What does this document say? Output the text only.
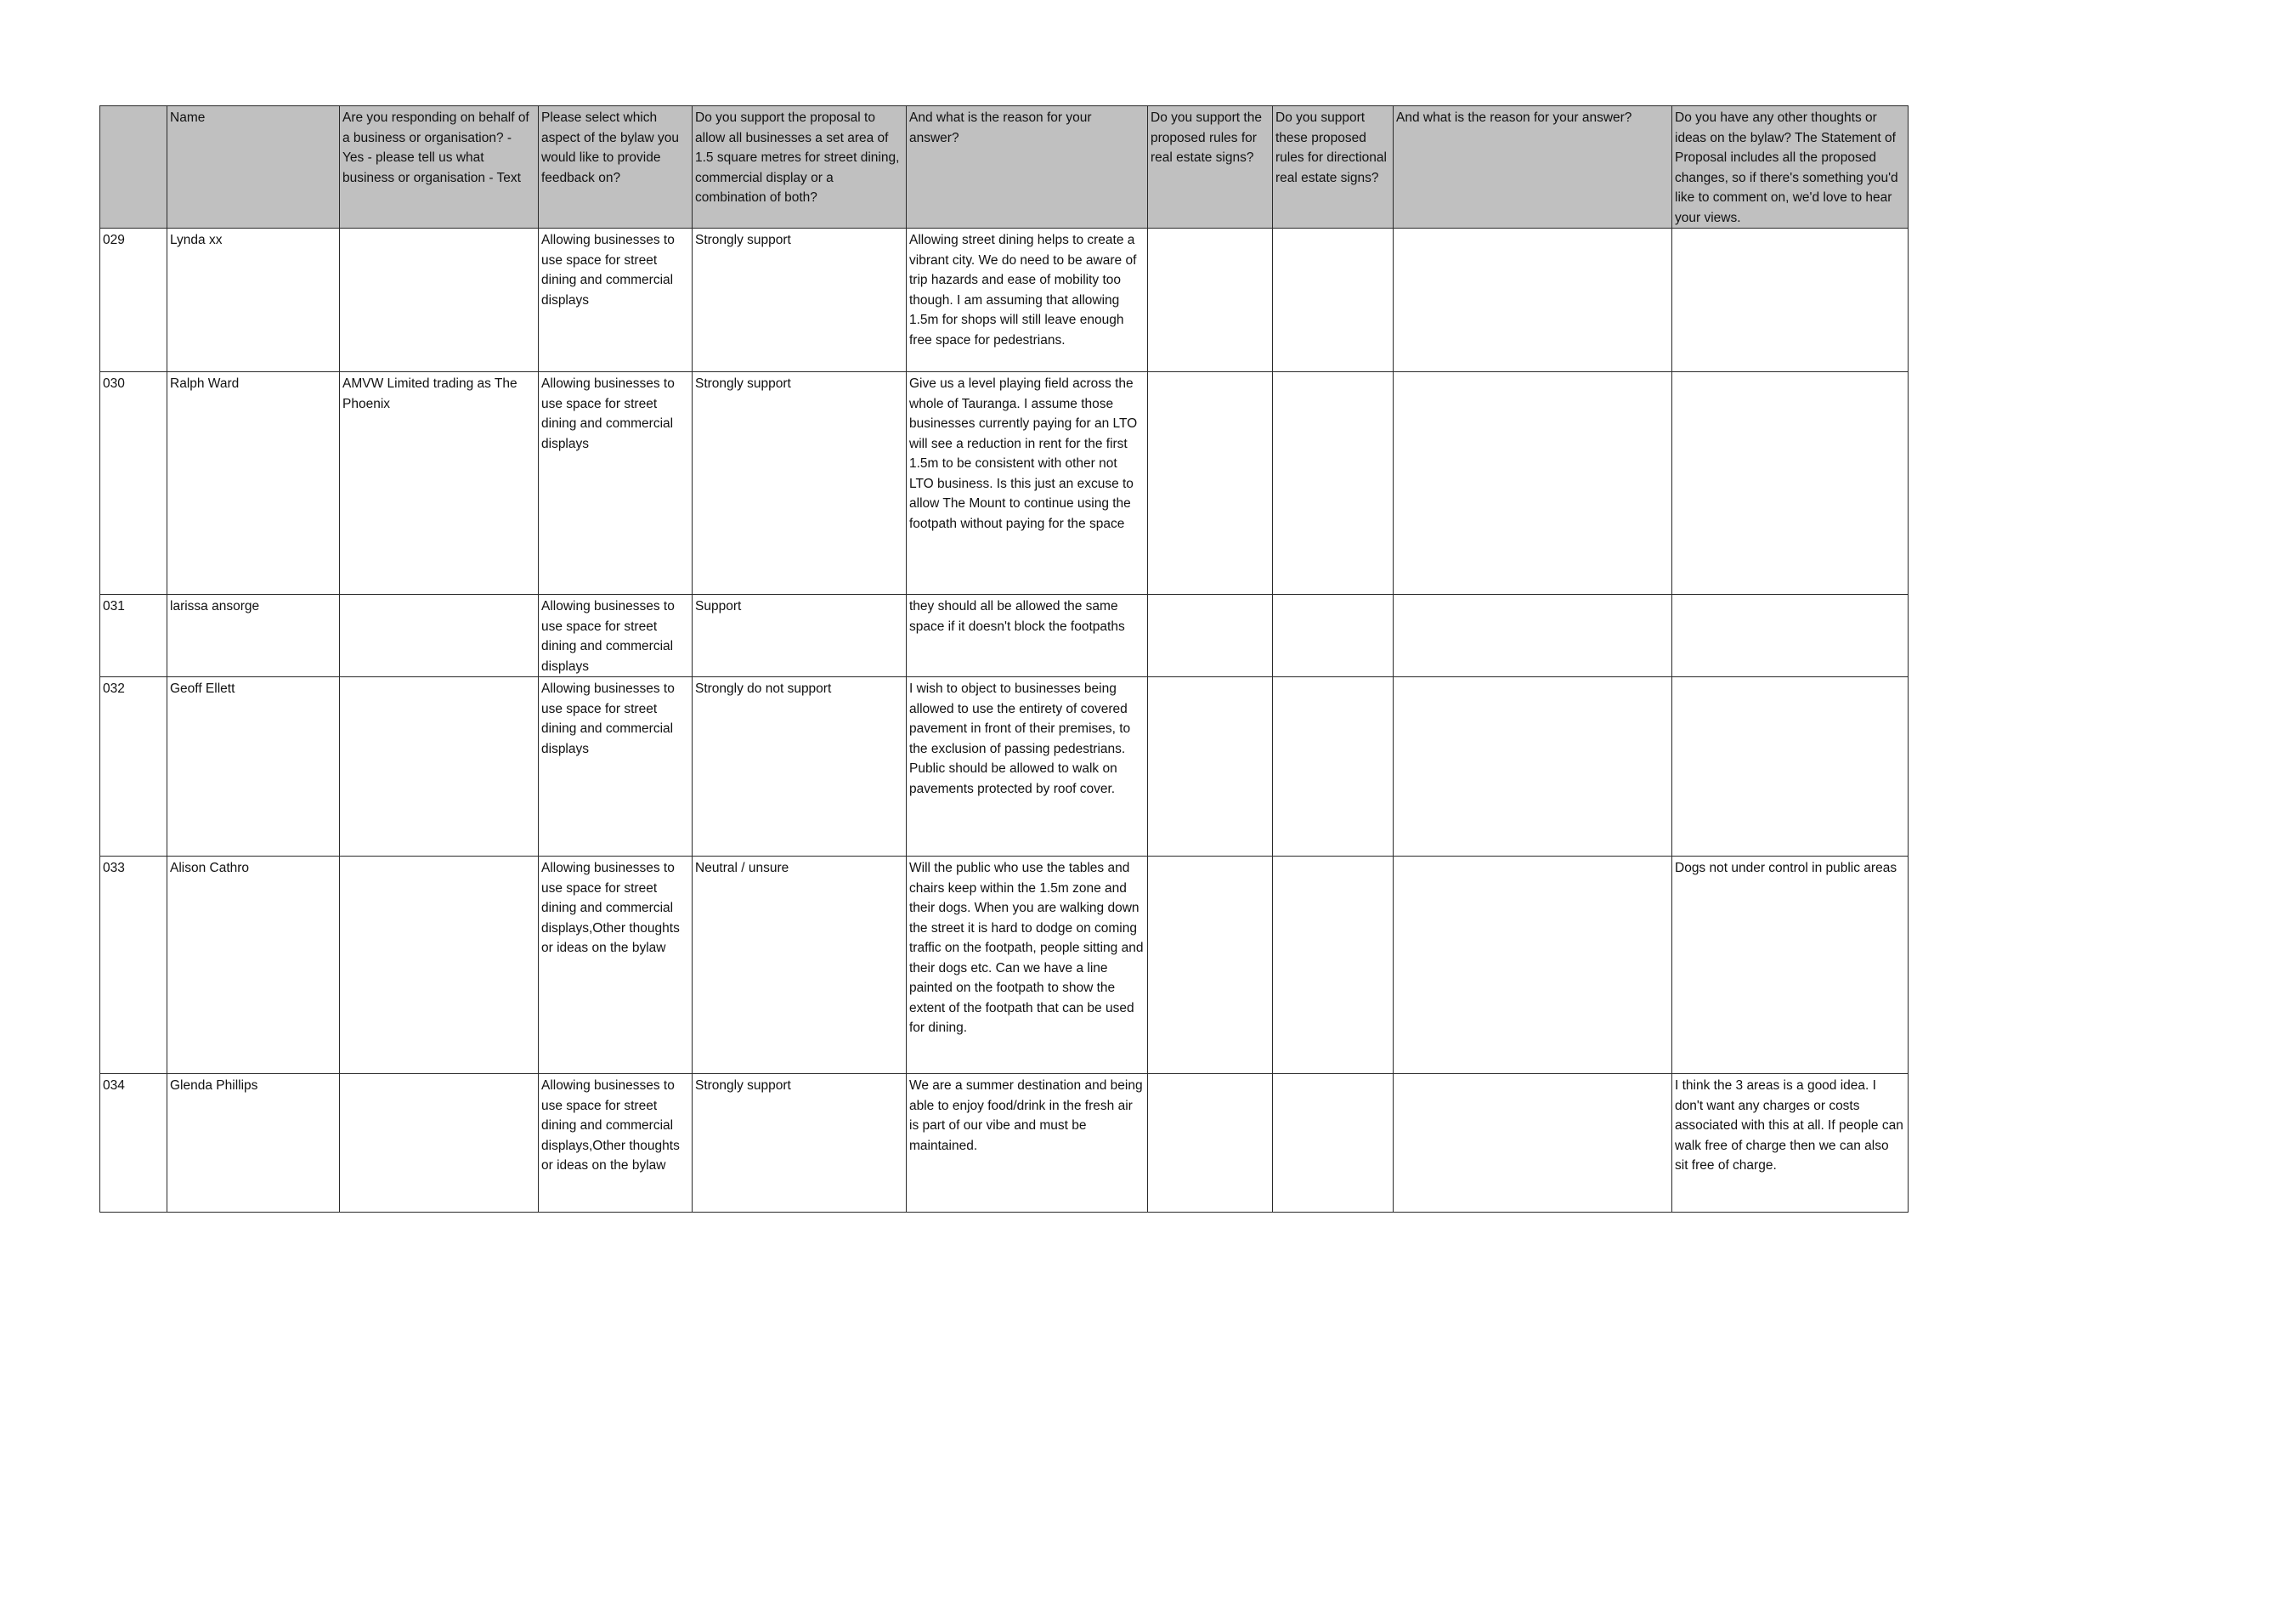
	Name	Are you responding on behalf of a business or organisation? - Yes - please tell us what business or organisation - Text	Please select which aspect of the bylaw you would like to provide feedback on?	Do you support the proposal to allow all businesses a set area of 1.5 square metres for street dining, commercial display or a combination of both?	And what is the reason for your answer?	Do you support the proposed rules for real estate signs?	Do you support these proposed rules for directional real estate signs?	And what is the reason for your answer?	Do you have any other thoughts or ideas on the bylaw? The Statement of Proposal includes all the proposed changes, so if there's something you'd like to comment on, we'd love to hear your views.
029	Lynda xx		Allowing businesses to use space for street dining and commercial displays	Strongly support	Allowing street dining helps to create a vibrant city. We do need to be aware of trip hazards and ease of mobility too though. I am assuming that allowing 1.5m for shops will still leave enough free space for pedestrians.				
030	Ralph Ward	AMVW Limited trading as The Phoenix	Allowing businesses to use space for street dining and commercial displays	Strongly support	Give us a level playing field across the whole of Tauranga. I assume those businesses currently paying for an LTO will see a reduction in rent for the first 1.5m to be consistent with other not LTO business. Is this just an excuse to allow The Mount to continue using the footpath without paying for the space				
031	larissa ansorge		Allowing businesses to use space for street dining and commercial displays	Support	they should all be allowed the same space if it doesn't block the footpaths				
032	Geoff Ellett		Allowing businesses to use space for street dining and commercial displays	Strongly do not support	I wish to object to businesses being allowed to use the entirety of covered pavement in front of their premises, to the exclusion of passing pedestrians. Public should be allowed to walk on pavements protected by roof cover.				
033	Alison Cathro		Allowing businesses to use space for street dining and commercial displays,Other thoughts or ideas on the bylaw	Neutral / unsure	Will the public who use the tables and chairs keep within the 1.5m zone and their dogs. When you are walking down the street it is hard to dodge on coming traffic on the footpath, people sitting and their dogs etc. Can we have a line painted on the footpath to show the extent of the footpath that can be used for dining.				Dogs not under control in public areas
034	Glenda Phillips		Allowing businesses to use space for street dining and commercial displays,Other thoughts or ideas on the bylaw	Strongly support	We are a summer destination and being able to enjoy food/drink in the fresh air is part of our vibe and must be maintained.				I think the 3 areas is a good idea. I don't want any charges or costs associated with this at all. If people can walk free of charge then we can also sit free of charge.
